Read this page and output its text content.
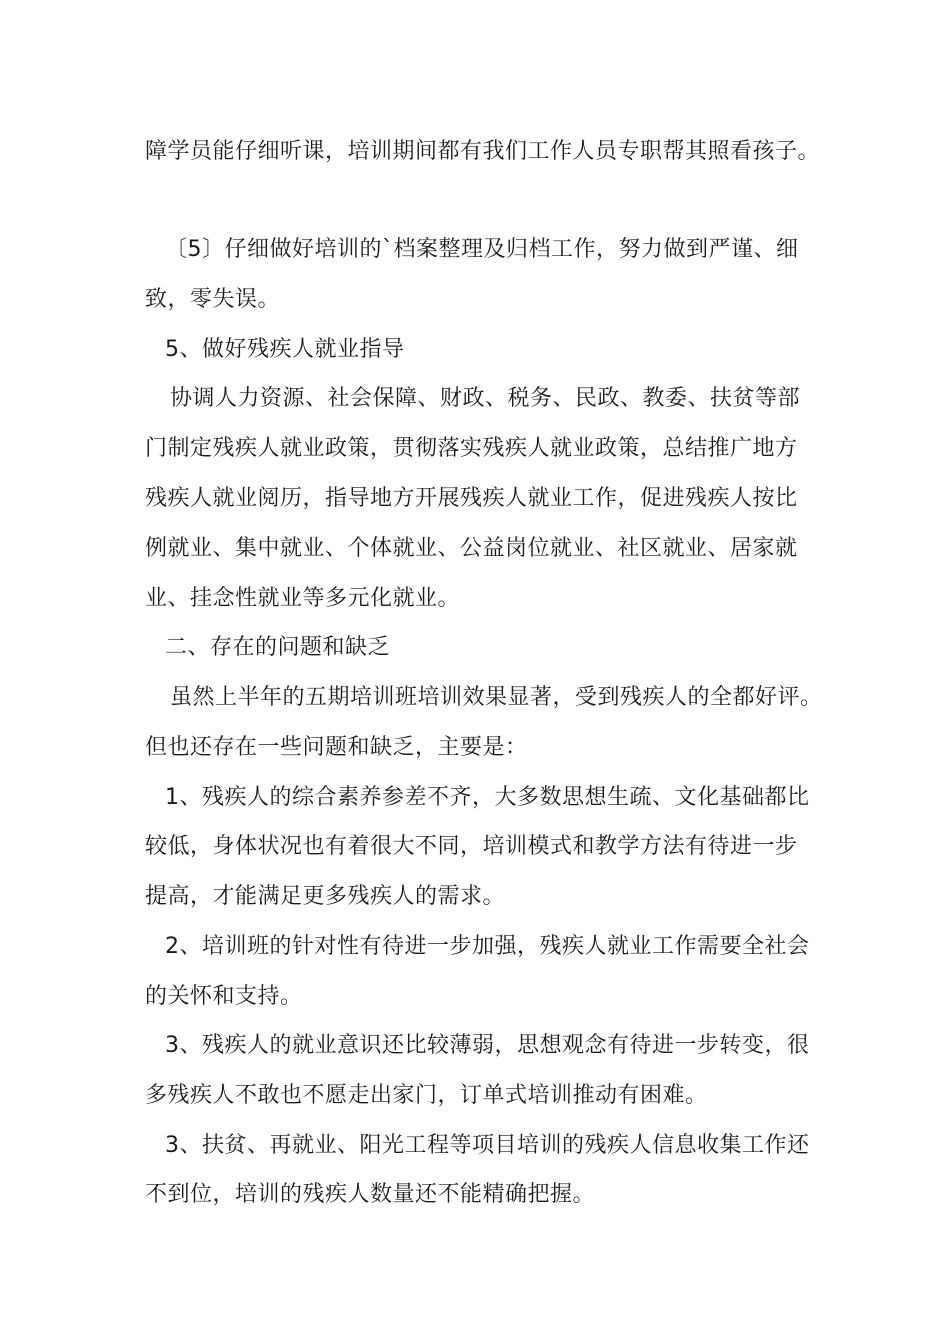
障学员能仔细听课，培训期间都有我们工作人员专职帮其照看孩子。
〔5〕仔细做好培训的`档案整理及归档工作，努力做到严谨、细
致，零失误。
5、做好残疾人就业指导
协调人力资源、社会保障、财政、税务、民政、教委、扶贫等部
门制定残疾人就业政策，贯彻落实残疾人就业政策，总结推广地方
残疾人就业阅历，指导地方开展残疾人就业工作，促进残疾人按比
例就业、集中就业、个体就业、公益岗位就业、社区就业、居家就
业、挂念性就业等多元化就业。
二、存在的问题和缺乏
虽然上半年的五期培训班培训效果显著，受到残疾人的全都好评。
但也还存在一些问题和缺乏，主要是：
1、残疾人的综合素养参差不齐，大多数思想生疏、文化基础都比
较低，身体状况也有着很大不同，培训模式和教学方法有待进一步
提高，才能满足更多残疾人的需求。
2、培训班的针对性有待进一步加强，残疾人就业工作需要全社会
的关怀和支持。
3、残疾人的就业意识还比较薄弱，思想观念有待进一步转变，很
多残疾人不敢也不愿走出家门，订单式培训推动有困难。
3、扶贫、再就业、阳光工程等项目培训的残疾人信息收集工作还
不到位，培训的残疾人数量还不能精确把握。
